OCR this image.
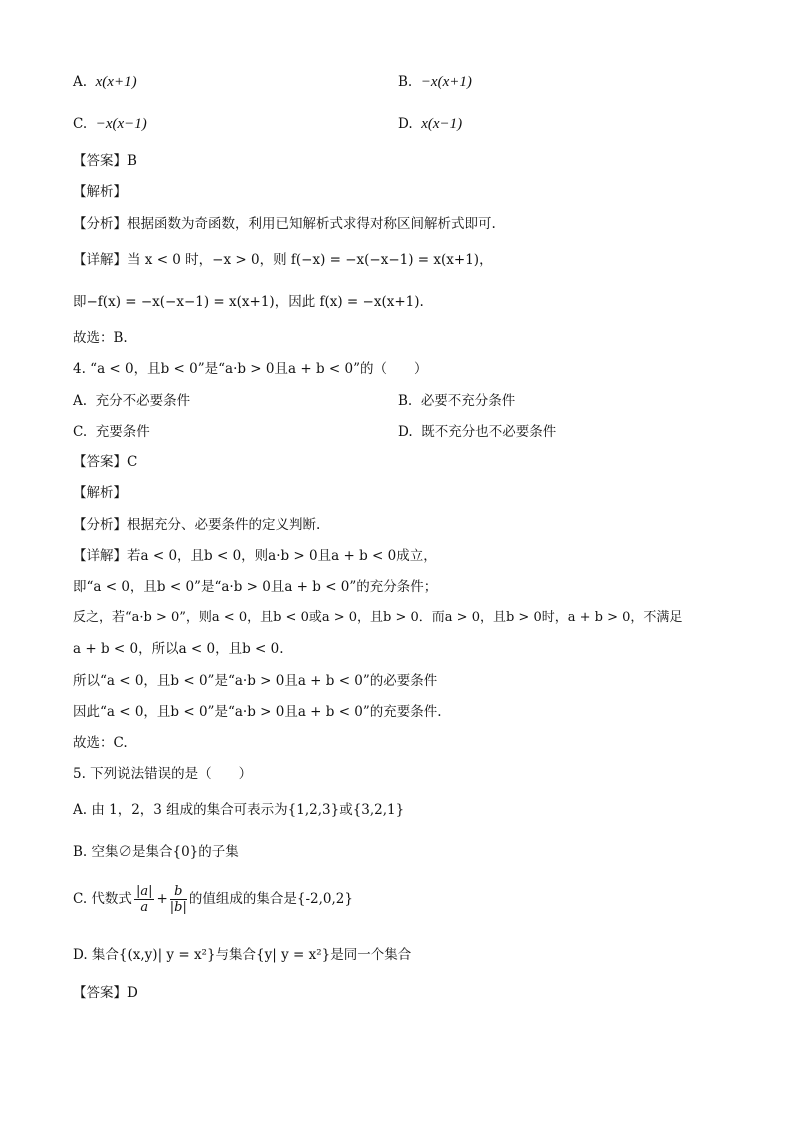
A. x(x+1)	B. −x(x+1)
C. −x(x−1)	D. x(x−1)
【答案】B
【解析】
【分析】根据函数为奇函数，利用已知解析式求得对称区间解析式即可.
【详解】当 x < 0 时，−x > 0，则 f(−x) = −x(−x−1) = x(x+1)，
即−f(x) = −x(−x−1) = x(x+1)，因此 f(x) = −x(x+1).
故选：B.
4. “a < 0，且b < 0”是“a·b > 0且a + b < 0”的（　　）
A. 充分不必要条件	B. 必要不充分条件
C. 充要条件	D. 既不充分也不必要条件
【答案】C
【解析】
【分析】根据充分、必要条件的定义判断.
【详解】若a < 0，且b < 0，则a·b > 0且a + b < 0成立，
即“a < 0，且b < 0”是“a·b > 0且a + b < 0”的充分条件；
反之，若“a·b > 0”，则a < 0，且b < 0或a > 0，且b > 0．而a > 0，且b > 0时，a + b > 0，不满足
a + b < 0，所以a < 0，且b < 0.
所以“a < 0，且b < 0”是“a·b > 0且a + b < 0”的必要条件
因此“a < 0，且b < 0”是“a·b > 0且a + b < 0”的充要条件.
故选：C.
5. 下列说法错误的是（　　）
A. 由 1，2，3 组成的集合可表示为{1,2,3}或{3,2,1}
B. 空集∅是集合{0}的子集
C. 代数式 $\frac{|a|}{a} + \frac{b}{|b|}$ 的值组成的集合是{-2,0,2}
D. 集合{(x,y)| y = x²}与集合{y| y = x²}是同一个集合
【答案】D
